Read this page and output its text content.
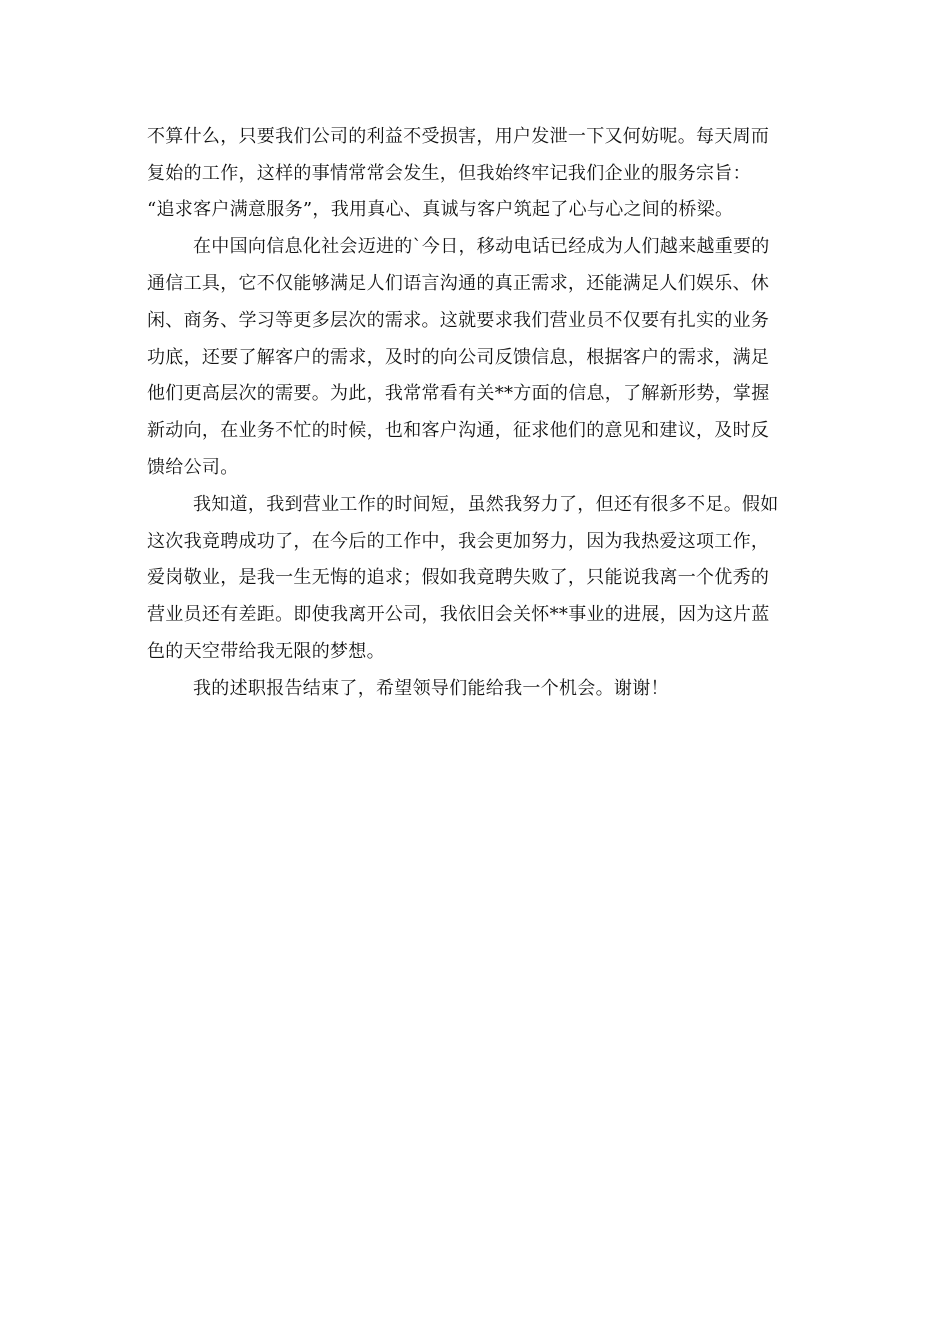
不算什么，只要我们公司的利益不受损害，用户发泄一下又何妨呢。每天周而
复始的工作，这样的事情常常会发生，但我始终牢记我们企业的服务宗旨：
“追求客户满意服务”，我用真心、真诚与客户筑起了心与心之间的桥梁。
在中国向信息化社会迈进的`今日，移动电话已经成为人们越来越重要的
通信工具，它不仅能够满足人们语言沟通的真正需求，还能满足人们娱乐、休
闲、商务、学习等更多层次的需求。这就要求我们营业员不仅要有扎实的业务
功底，还要了解客户的需求，及时的向公司反馈信息，根据客户的需求，满足
他们更高层次的需要。为此，我常常看有关**方面的信息，了解新形势，掌握
新动向，在业务不忙的时候，也和客户沟通，征求他们的意见和建议，及时反
馈给公司。
我知道，我到营业工作的时间短，虽然我努力了，但还有很多不足。假如
这次我竟聘成功了，在今后的工作中，我会更加努力，因为我热爱这项工作，
爱岗敬业，是我一生无悔的追求；假如我竟聘失败了，只能说我离一个优秀的
营业员还有差距。即使我离开公司，我依旧会关怀**事业的进展，因为这片蓝
色的天空带给我无限的梦想。
我的述职报告结束了，希望领导们能给我一个机会。谢谢！
